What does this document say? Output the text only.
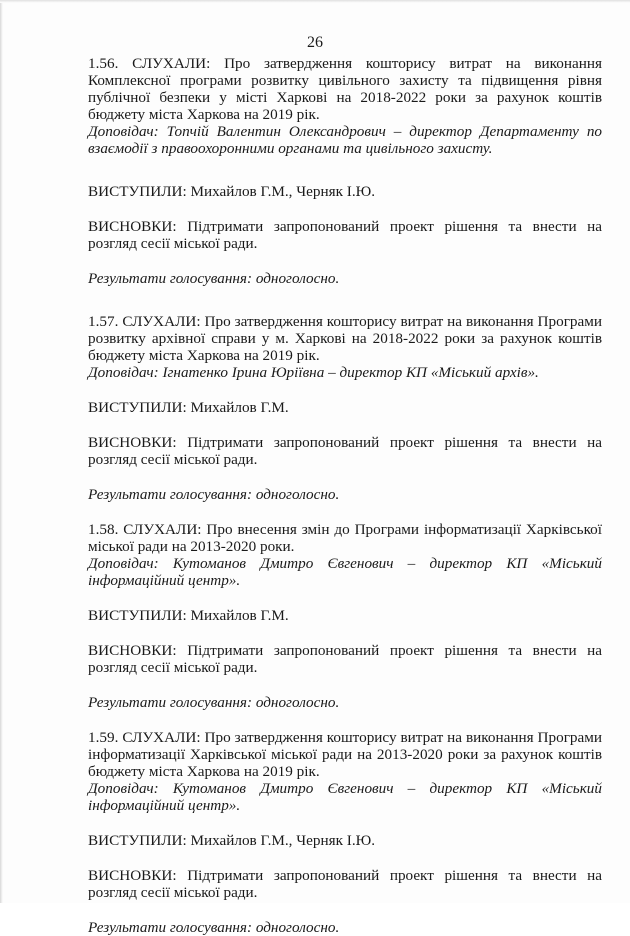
26

1.56. СЛУХАЛИ: Про затвердження кошторису витрат на виконання Комплексної програми розвитку цивільного захисту та підвищення рівня публічної безпеки у місті Харкові на 2018-2022 роки за рахунок коштів бюджету міста Харкова на 2019 рік.

Доповідач: Топчій Валентин Олександрович – директор Департаменту по взаємодії з правоохоронними органами та цивільного захисту.

ВИСТУПИЛИ: Михайлов Г.М., Черняк І.Ю.

ВИСНОВКИ: Підтримати запропонований проект рішення та внести на розгляд сесії міської ради.

Результати голосування: одноголосно.

1.57. СЛУХАЛИ: Про затвердження кошторису витрат на виконання Програми розвитку архівної справи у м. Харкові на 2018-2022 роки за рахунок коштів бюджету міста Харкова на 2019 рік.

Доповідач: Ігнатенко Ірина Юріївна – директор КП «Міський архів».

ВИСТУПИЛИ: Михайлов Г.М.

ВИСНОВКИ: Підтримати запропонований проект рішення та внести на розгляд сесії міської ради.

Результати голосування: одноголосно.

1.58. СЛУХАЛИ: Про внесення змін до Програми інформатизації Харківської міської ради на 2013-2020 роки.

Доповідач: Кутоманов Дмитро Євгенович – директор КП «Міський інформаційний центр».

ВИСТУПИЛИ: Михайлов Г.М.

ВИСНОВКИ: Підтримати запропонований проект рішення та внести на розгляд сесії міської ради.

Результати голосування: одноголосно.

1.59. СЛУХАЛИ: Про затвердження кошторису витрат на виконання Програми інформатизації Харківської міської ради на 2013-2020 роки за рахунок коштів бюджету міста Харкова на 2019 рік.

Доповідач: Кутоманов Дмитро Євгенович – директор КП «Міський інформаційний центр».

ВИСТУПИЛИ: Михайлов Г.М., Черняк І.Ю.

ВИСНОВКИ: Підтримати запропонований проект рішення та внести на розгляд сесії міської ради.

Результати голосування: одноголосно.
